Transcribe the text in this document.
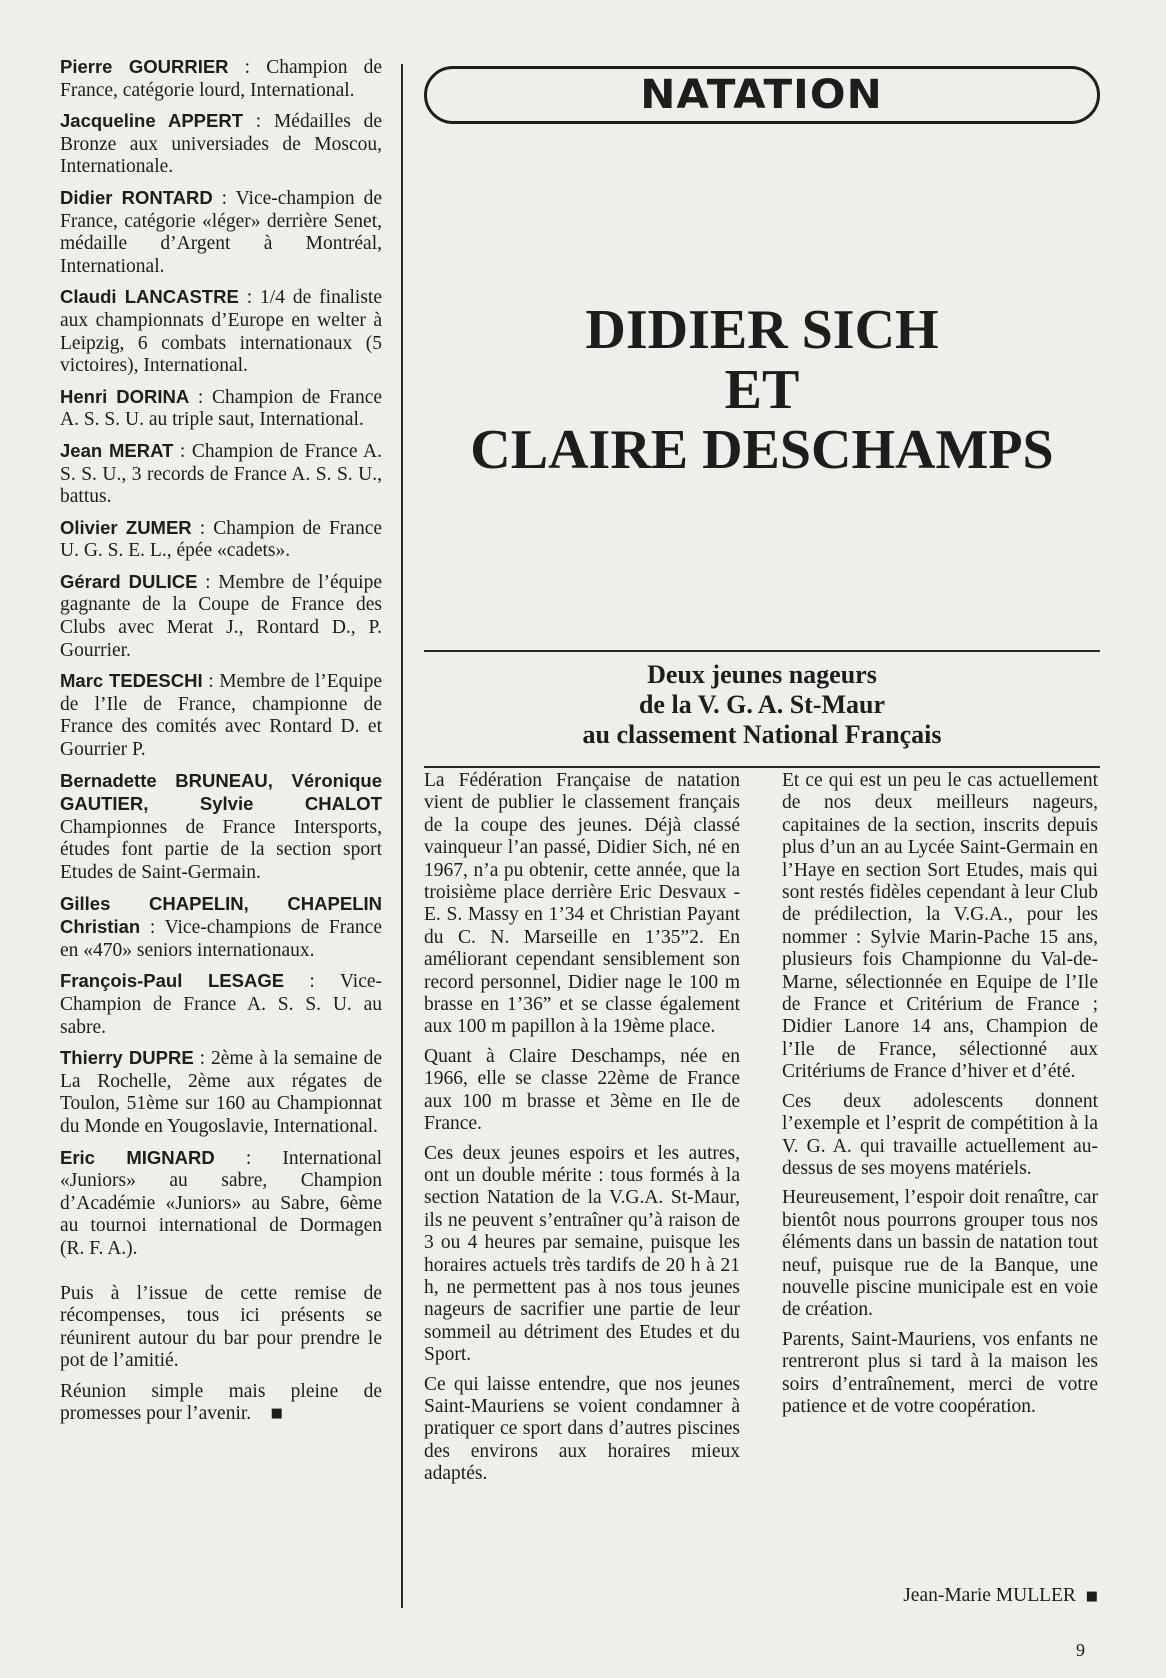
Pierre GOURRIER : Champion de France, catégorie lourd, International.

Jacqueline APPERT : Médailles de Bronze aux universiades de Moscou, Internationale.

Didier RONTARD : Vice-champion de France, catégorie «léger» derrière Senet, médaille d’Argent à Montréal, International.

Claudi LANCASTRE : 1/4 de finaliste aux championnats d’Europe en welter à Leipzig, 6 combats internationaux (5 victoires), International.

Henri DORINA : Champion de France A. S. S. U. au triple saut, International.

Jean MERAT : Champion de France A. S. S. U., 3 records de France A. S. S. U., battus.

Olivier ZUMER : Champion de France U. G. S. E. L., épée «cadets».

Gérard DULICE : Membre de l’équipe gagnante de la Coupe de France des Clubs avec Merat J., Rontard D., P. Gourrier.

Marc TEDESCHI : Membre de l’Equipe de l’Ile de France, championne de France des comités avec Rontard D. et Gourrier P.

Bernadette BRUNEAU, Véronique GAUTIER, Sylvie CHALOT Championnes de France Intersports, études font partie de la section sport Etudes de Saint-Germain.

Gilles CHAPELIN, CHAPELIN Christian : Vice-champions de France en «470» seniors internationaux.

François-Paul LESAGE : Vice-Champion de France A. S. S. U. au sabre.

Thierry DUPRE : 2ème à la semaine de La Rochelle, 2ème aux régates de Toulon, 51ème sur 160 au Championnat du Monde en Yougoslavie, International.

Eric MIGNARD : International «Juniors» au sabre, Champion d’Académie «Juniors» au Sabre, 6ème au tournoi international de Dormagen (R. F. A.).

Puis à l’issue de cette remise de récompenses, tous ici présents se réunirent autour du bar pour prendre le pot de l’amitié.

Réunion simple mais pleine de promesses pour l’avenir. ■

NATATION
DIDIER SICH
ET
CLAIRE DESCHAMPS
Deux jeunes nageurs
de la V. G. A. St-Maur
au classement National Français

La Fédération Française de natation vient de publier le classement français de la coupe des jeunes. Déjà classé vainqueur l’an passé, Didier Sich, né en 1967, n’a pu obtenir, cette année, que la troisième place derrière Eric Desvaux - E. S. Massy en 1’34 et Christian Payant du C. N. Marseille en 1’35”2. En améliorant cependant sensiblement son record personnel, Didier nage le 100 m brasse en 1’36” et se classe également aux 100 m papillon à la 19ème place.

Quant à Claire Deschamps, née en 1966, elle se classe 22ème de France aux 100 m brasse et 3ème en Ile de France.

Ces deux jeunes espoirs et les autres, ont un double mérite : tous formés à la section Natation de la V.G.A. St-Maur, ils ne peuvent s’entraîner qu’à raison de 3 ou 4 heures par semaine, puisque les horaires actuels très tardifs de 20 h à 21 h, ne permettent pas à nos tous jeunes nageurs de sacrifier une partie de leur sommeil au détriment des Etudes et du Sport.

Ce qui laisse entendre, que nos jeunes Saint-Mauriens se voient condamner à pratiquer ce sport dans d’autres piscines des environs aux horaires mieux adaptés.

Et ce qui est un peu le cas actuellement de nos deux meilleurs nageurs, capitaines de la section, inscrits depuis plus d’un an au Lycée Saint-Germain en l’Haye en section Sort Etudes, mais qui sont restés fidèles cependant à leur Club de prédilection, la V.G.A., pour les nommer : Sylvie Marin-Pache 15 ans, plusieurs fois Championne du Val-de-Marne, sélectionnée en Equipe de l’Ile de France et Critérium de France ; Didier Lanore 14 ans, Champion de l’Ile de France, sélectionné aux Critériums de France d’hiver et d’été.

Ces deux adolescents donnent l’exemple et l’esprit de compétition à la V. G. A. qui travaille actuellement au-dessus de ses moyens matériels.

Heureusement, l’espoir doit renaître, car bientôt nous pourrons grouper tous nos éléments dans un bassin de natation tout neuf, puisque rue de la Banque, une nouvelle piscine municipale est en voie de création.

Parents, Saint-Mauriens, vos enfants ne rentreront plus si tard à la maison les soirs d’entraînement, merci de votre patience et de votre coopération.

Jean-Marie MULLER ■
9
